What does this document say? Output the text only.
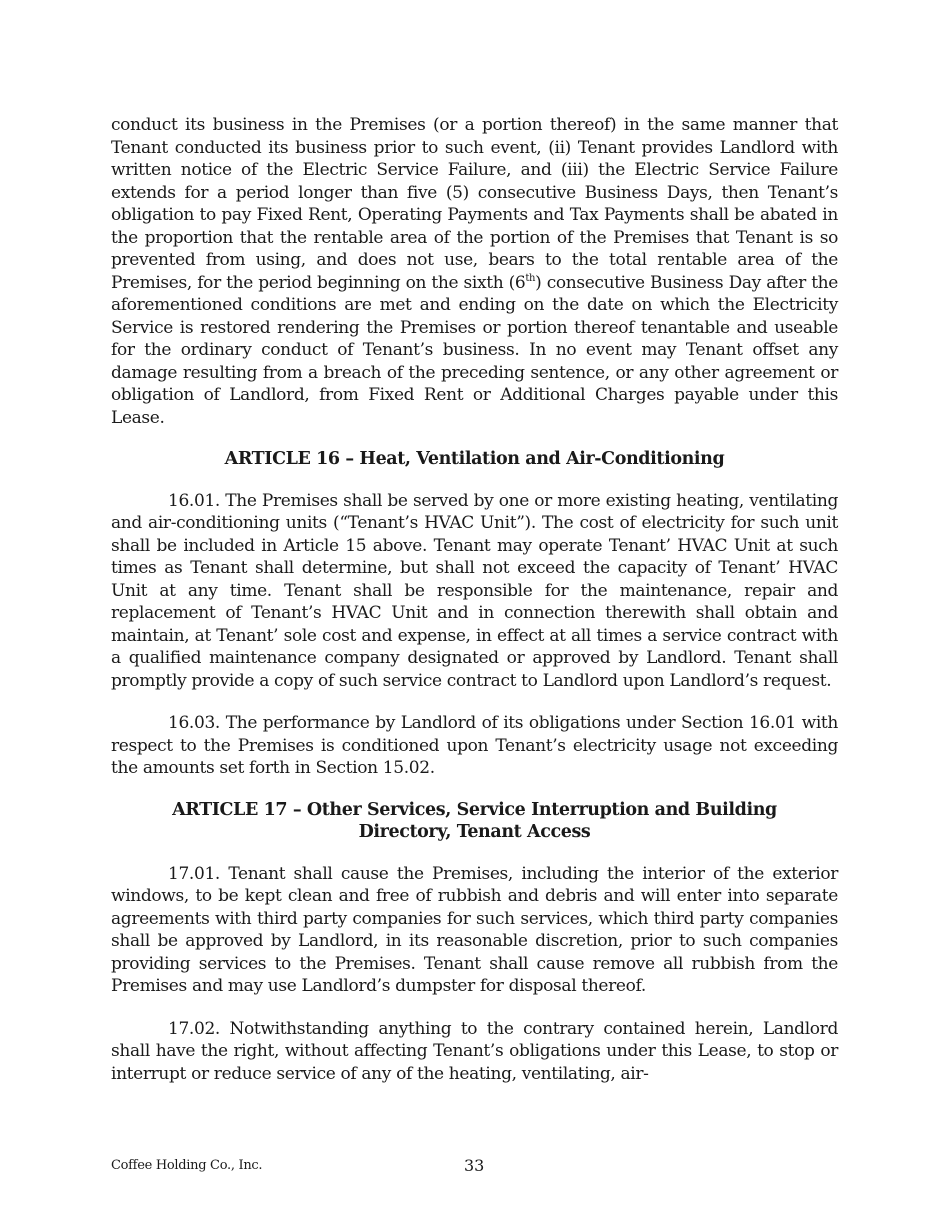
conduct its business in the Premises (or a portion thereof) in the same manner that Tenant conducted its business prior to such event, (ii) Tenant provides Landlord with written notice of the Electric Service Failure, and (iii) the Electric Service Failure extends for a period longer than five (5) consecutive Business Days, then Tenant’s obligation to pay Fixed Rent, Operating Payments and Tax Payments shall be abated in the proportion that the rentable area of the portion of the Premises that Tenant is so prevented from using, and does not use, bears to the total rentable area of the Premises, for the period beginning on the sixth (6th) consecutive Business Day after the aforementioned conditions are met and ending on the date on which the Electricity Service is restored rendering the Premises or portion thereof tenantable and useable for the ordinary conduct of Tenant’s business. In no event may Tenant offset any damage resulting from a breach of the preceding sentence, or any other agreement or obligation of Landlord, from Fixed Rent or Additional Charges payable under this Lease.

ARTICLE 16 – Heat, Ventilation and Air-Conditioning

16.01. The Premises shall be served by one or more existing heating, ventilating and air-conditioning units (“Tenant’s HVAC Unit”). The cost of electricity for such unit shall be included in Article 15 above. Tenant may operate Tenant’ HVAC Unit at such times as Tenant shall determine, but shall not exceed the capacity of Tenant’ HVAC Unit at any time. Tenant shall be responsible for the maintenance, repair and replacement of Tenant’s HVAC Unit and in connection therewith shall obtain and maintain, at Tenant’ sole cost and expense, in effect at all times a service contract with a qualified maintenance company designated or approved by Landlord. Tenant shall promptly provide a copy of such service contract to Landlord upon Landlord’s request.

16.03. The performance by Landlord of its obligations under Section 16.01 with respect to the Premises is conditioned upon Tenant’s electricity usage not exceeding the amounts set forth in Section 15.02.

ARTICLE 17 – Other Services, Service Interruption and Building
Directory, Tenant Access

17.01. Tenant shall cause the Premises, including the interior of the exterior windows, to be kept clean and free of rubbish and debris and will enter into separate agreements with third party companies for such services, which third party companies shall be approved by Landlord, in its reasonable discretion, prior to such companies providing services to the Premises. Tenant shall cause remove all rubbish from the Premises and may use Landlord’s dumpster for disposal thereof.

17.02. Notwithstanding anything to the contrary contained herein, Landlord shall have the right, without affecting Tenant’s obligations under this Lease, to stop or interrupt or reduce service of any of the heating, ventilating, air-

Coffee Holding Co., Inc.	33
